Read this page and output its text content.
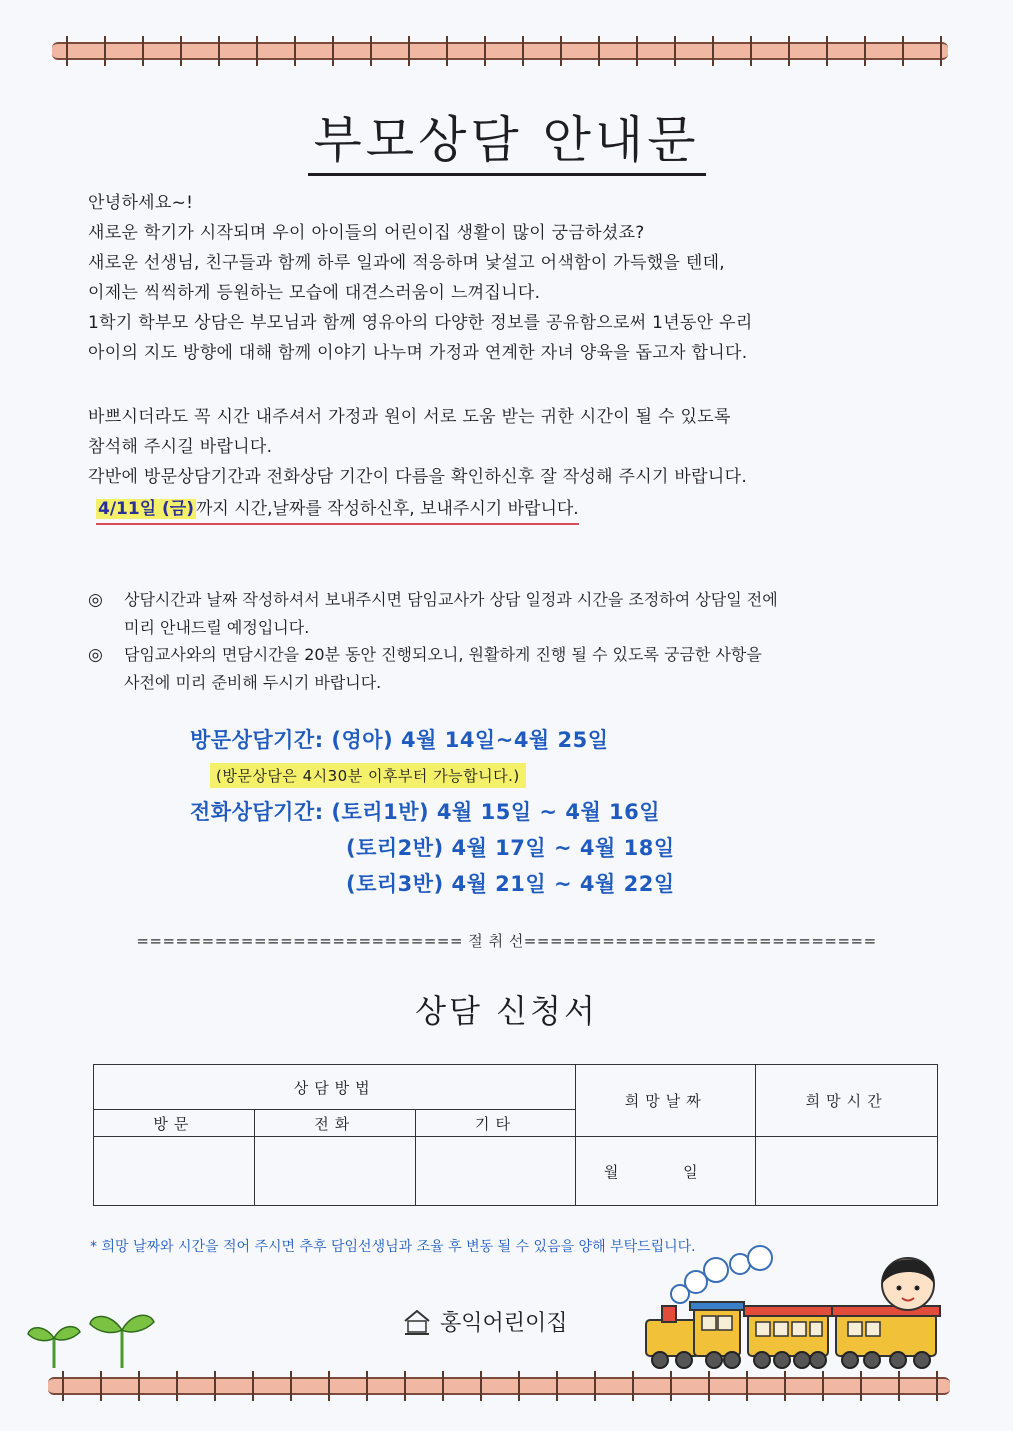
부모상담 안내문

안녕하세요~!

새로운 학기가 시작되며 우이 아이들의 어린이집 생활이 많이 궁금하셨죠?

새로운 선생님, 친구들과 함께 하루 일과에 적응하며 낯설고 어색함이 가득했을 텐데,

이제는 씩씩하게 등원하는 모습에 대견스러움이 느껴집니다.

1학기 학부모 상담은 부모님과 함께 영유아의 다양한 정보를 공유함으로써 1년동안 우리

아이의 지도 방향에 대해 함께 이야기 나누며 가정과 연계한 자녀 양육을 돕고자 합니다.

바쁘시더라도 꼭 시간 내주셔서 가정과 원이 서로 도움 받는 귀한 시간이 될 수 있도록

참석해 주시길 바랍니다.

각반에 방문상담기간과 전화상담 기간이 다름을 확인하신후 잘 작성해 주시기 바랍니다.

4/11일 (금) 까지 시간,날짜를 작성하신후, 보내주시기 바랍니다.
◎ 상담시간과 날짜 작성하셔서 보내주시면 담임교사가 상담 일정과 시간을 조정하여 상담일 전에
미리 안내드릴 예정입니다.
◎ 담임교사와의 면담시간을 20분 동안 진행되오니, 원활하게 진행 될 수 있도록 궁금한 사항을
사전에 미리 준비해 두시기 바랍니다.
방문상담기간: (영아) 4월 14일~4월 25일
(방문상담은 4시30분 이후부터 가능합니다.)
전화상담기간: (토리1반) 4월 15일 ~ 4월 16일
(토리2반) 4월 17일 ~ 4월 18일
(토리3반) 4월 21일 ~ 4월 22일
========================= 절 취 선===========================
상담 신청서
상담방법			희망날짜	희망시간
방문	전화	기타		
			월 일	
* 희망 날짜와 시간을 적어 주시면 추후 담임선생님과 조율 후 변동 될 수 있음을 양해 부탁드립니다.
홍익어린이집
